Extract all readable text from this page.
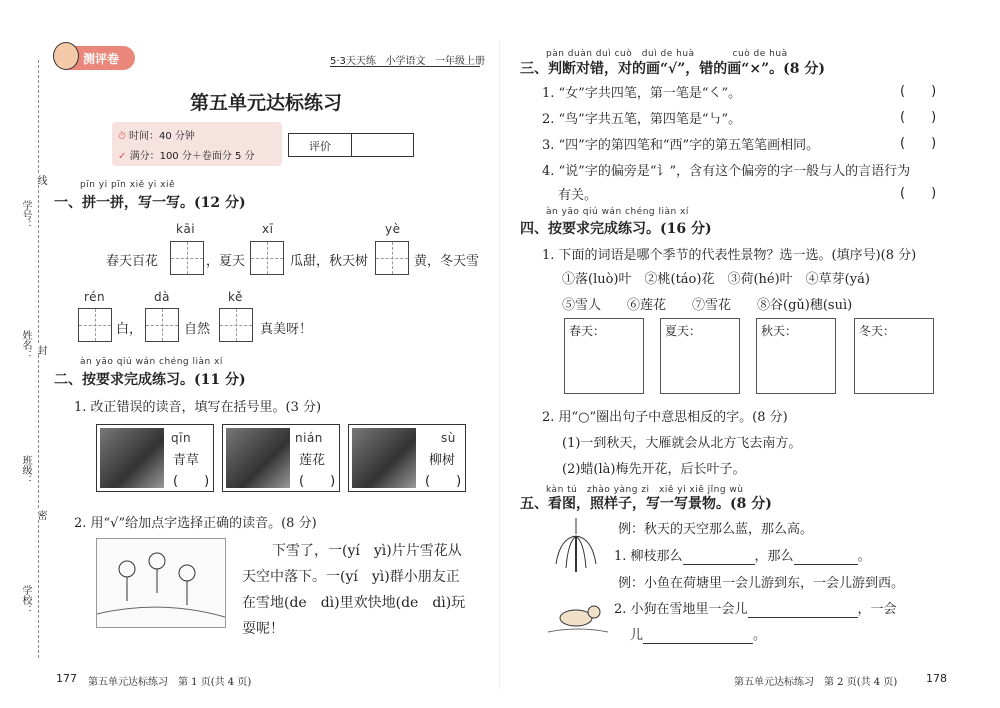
学号：
姓名：
班级：
学校：
线
封
密
测评卷	5·3天天练 小学语文 一年级上册
第五单元达标练习
⏱ 时间：40 分钟
✓ 满分：100 分＋卷面分 5 分
评价
pīn yi pīn xiě yi xiě
一、拼一拼，写一写。(12 分)
kāi	xī	yè
春天百花	，夏天	瓜甜，秋天树	黄，冬天雪
rén	dà	kě
白，	自然	真美呀！
àn yāo qiú wán chéng liàn xí
二、按要求完成练习。(11 分)
1. 改正错误的读音，填写在括号里。(3 分)
qīn
青草
(　　)
nián
莲花
(　　)
sù
柳树
(　　)
2. 用“√”给加点字选择正确的读音。(8 分)
下雪了，一(yí　yì)片片雪花从
天空中落下。一(yí　yì)群小朋友正
在雪地(de　dì)里欢快地(de　dì)玩
耍呢！
177 第五单元达标练习　第 1 页(共 4 页)
pàn duàn duì cuò　duì de huà　　　　cuò de huà
三、判断对错，对的画“√”，错的画“×”。(8 分)
1. “女”字共四笔，第一笔是“㇛”。	(　　)
2. “鸟”字共五笔，第四笔是“㇉”。	(　　)
3. “四”字的第四笔和“西”字的第五笔笔画相同。	(　　)
4. “说”字的偏旁是“讠”，含有这个偏旁的字一般与人的言语行为
有关。	(　　)
àn yāo qiú wán chéng liàn xí
四、按要求完成练习。(16 分)
1. 下面的词语是哪个季节的代表性景物？选一选。(填序号)(8 分)
①落(luò)叶　②桃(táo)花　③荷(hé)叶　④草芽(yá)
⑤雪人　　⑥莲花　　⑦雪花　　⑧谷(gǔ)穗(suì)
春天：	夏天：	秋天：	冬天：
2. 用“○”圈出句子中意思相反的字。(8 分)
(1)一到秋天，大雁就会从北方飞去南方。
(2)蜡(là)梅先开花，后长叶子。
kàn tú　zhào yàng zi　xiě yi xiě jǐng wù
五、看图，照样子，写一写景物。(8 分)
例：秋天的天空那么蓝，那么高。
1. 柳枝那么	，那么	。
例：小鱼在荷塘里一会儿游到东，一会儿游到西。
2. 小狗在雪地里一会儿	，一会
儿	。
第五单元达标练习　第 2 页(共 4 页)	178
